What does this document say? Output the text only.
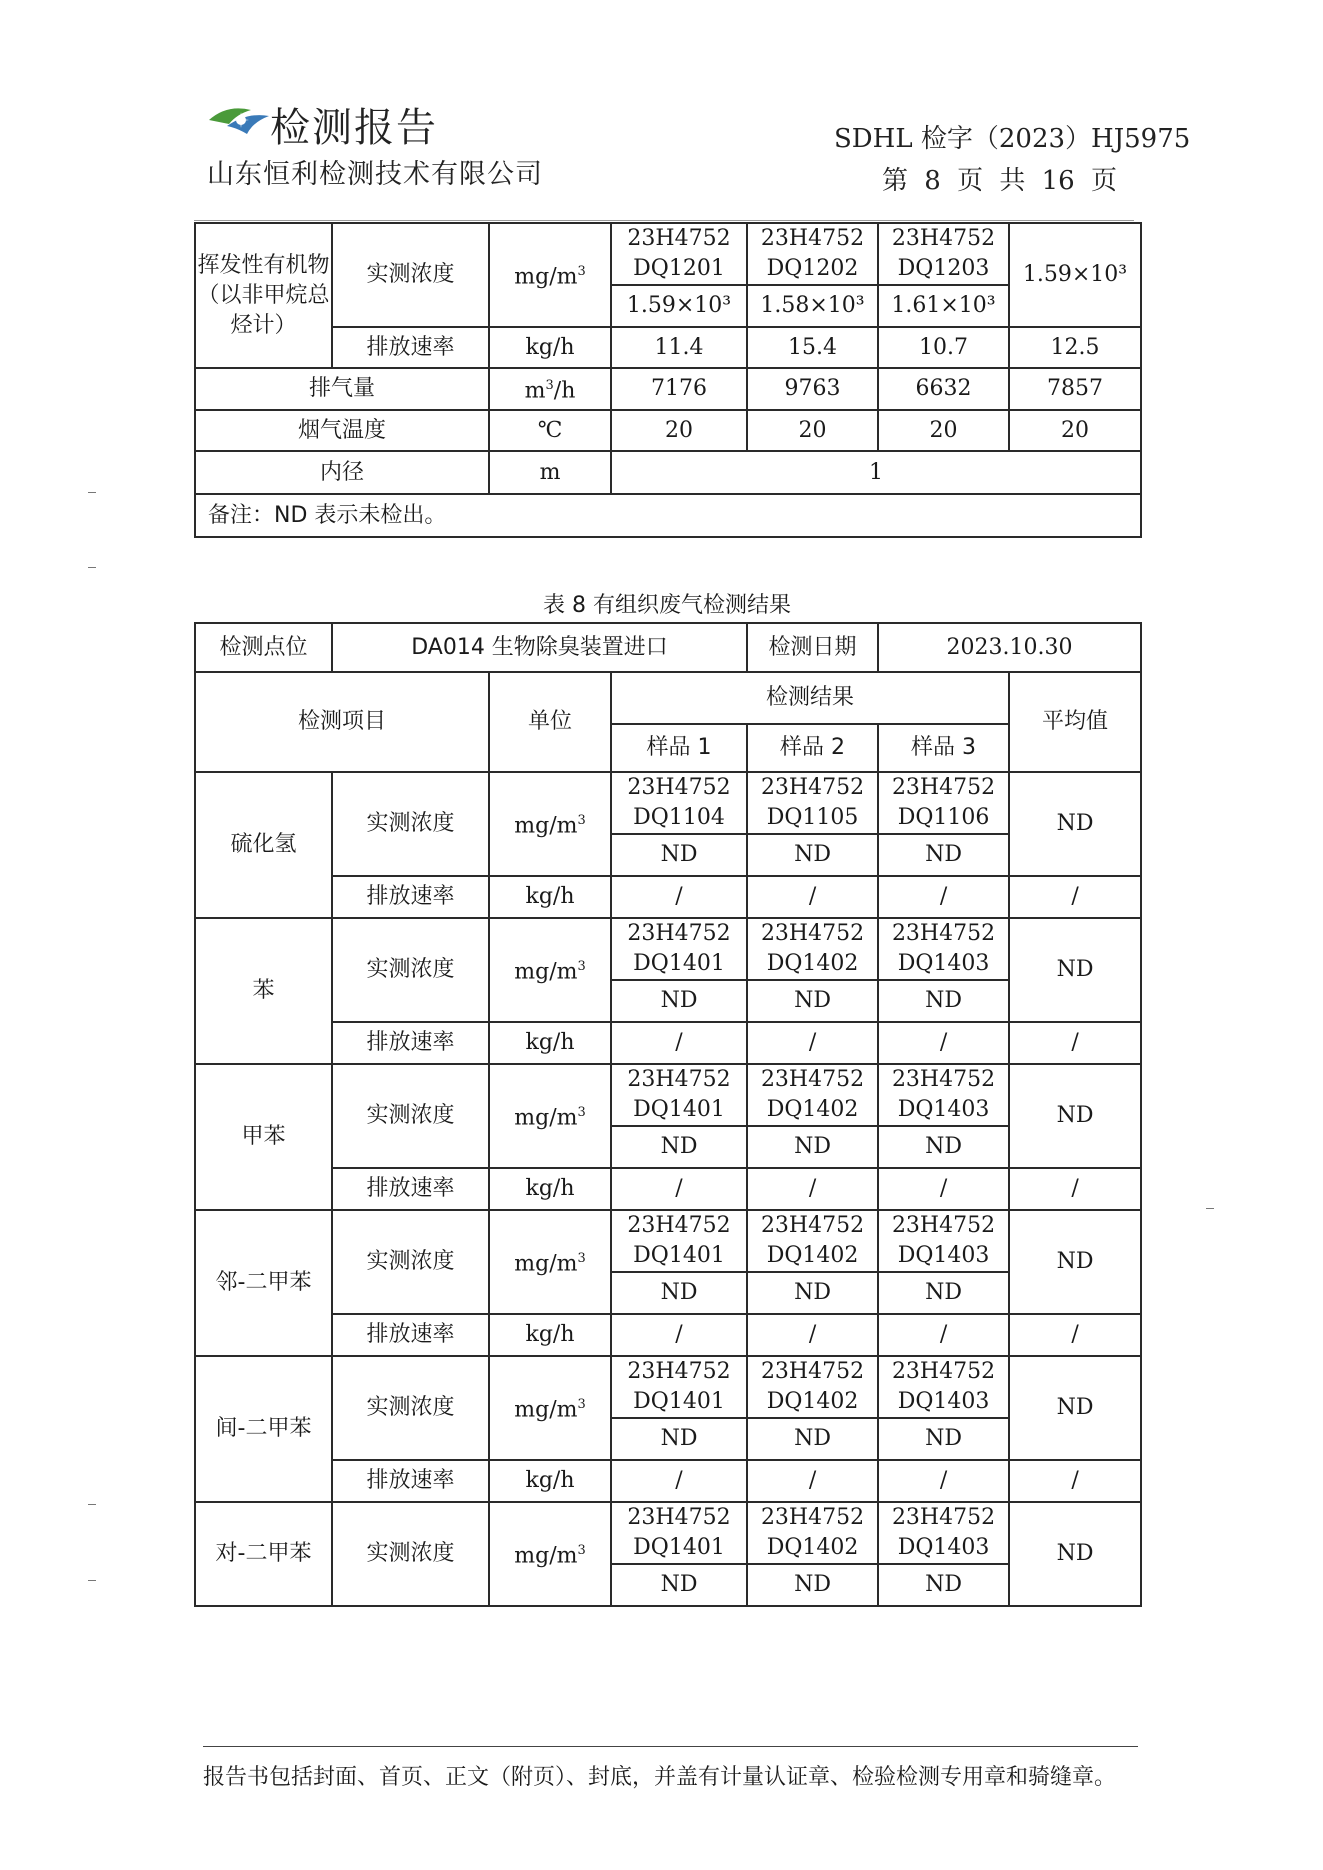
检测报告
山东恒利检测技术有限公司
SDHL 检字（2023）HJ5975
第 8 页 共 16 页
挥发性有机物（以非甲烷总烃计）	实测浓度	$mg/m^3$	23H4752 DQ1201	23H4752 DQ1202	23H4752 DQ1203	1.59×10³
			1.59×10³	1.58×10³	1.61×10³	
	排放速率	kg/h	11.4	15.4	10.7	12.5
排气量		$m^3/h$	7176	9763	6632	7857
烟气温度		℃	20	20	20	20
内径		m	1			
备注：ND 表示未检出。						
表 8 有组织废气检测结果
检测点位	DA014 生物除臭装置进口			检测日期	2023.10.30	
检测项目		单位	检测结果			平均值
			样品 1	样品 2	样品 3	
硫化氢	实测浓度	$mg/m^3$	23H4752 DQ1104	23H4752 DQ1105	23H4752 DQ1106	ND
			ND	ND	ND	
	排放速率	kg/h	/	/	/	/
苯	实测浓度	$mg/m^3$	23H4752 DQ1401	23H4752 DQ1402	23H4752 DQ1403	ND
			ND	ND	ND	
	排放速率	kg/h	/	/	/	/
甲苯	实测浓度	$mg/m^3$	23H4752 DQ1401	23H4752 DQ1402	23H4752 DQ1403	ND
			ND	ND	ND	
	排放速率	kg/h	/	/	/	/
邻-二甲苯	实测浓度	$mg/m^3$	23H4752 DQ1401	23H4752 DQ1402	23H4752 DQ1403	ND
			ND	ND	ND	
	排放速率	kg/h	/	/	/	/
间-二甲苯	实测浓度	$mg/m^3$	23H4752 DQ1401	23H4752 DQ1402	23H4752 DQ1403	ND
			ND	ND	ND	
	排放速率	kg/h	/	/	/	/
对-二甲苯	实测浓度	$mg/m^3$	23H4752 DQ1401	23H4752 DQ1402	23H4752 DQ1403	ND
			ND	ND	ND	
报告书包括封面、首页、正文（附页）、封底，并盖有计量认证章、检验检测专用章和骑缝章。
